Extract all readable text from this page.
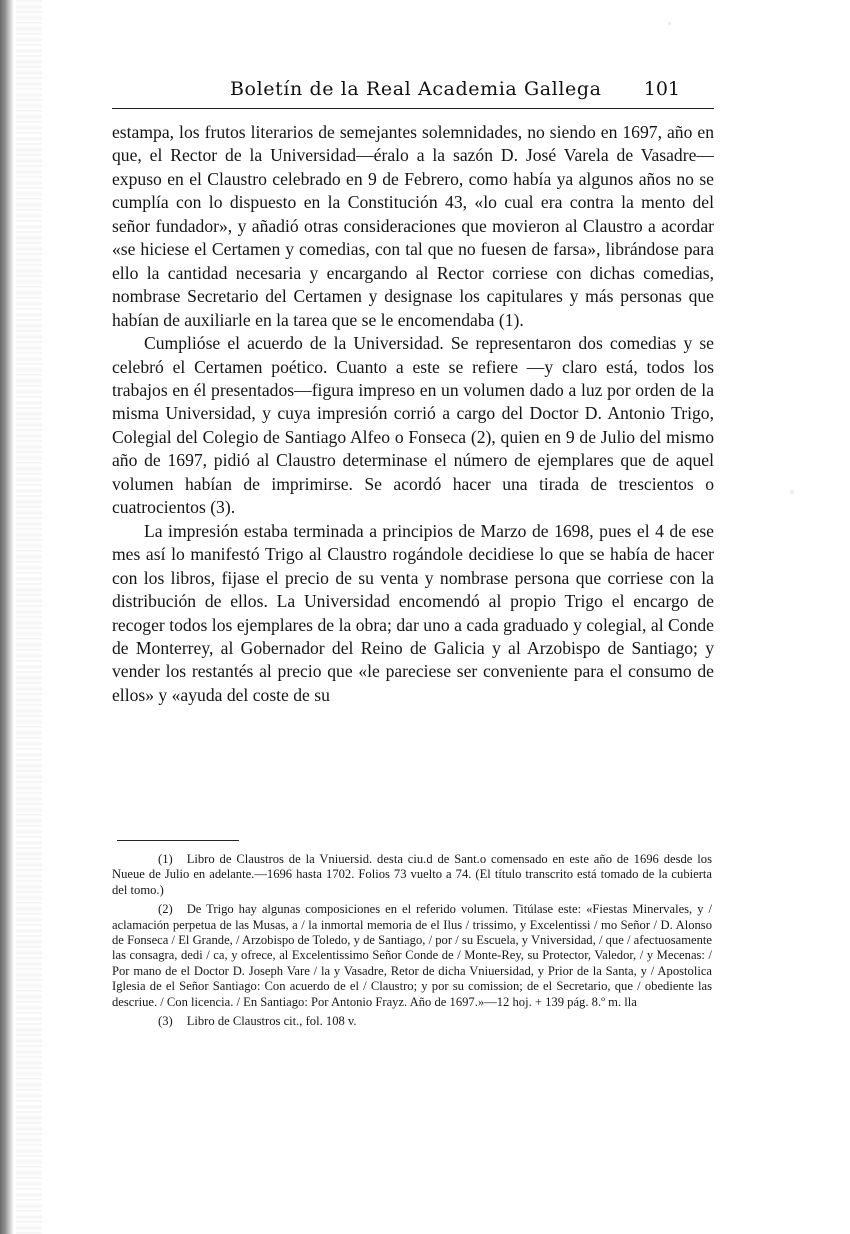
Boletín de la Real Academia Gallega 101

estampa, los frutos literarios de semejantes solemnidades, no siendo en 1697, año en que, el Rector de la Universidad—éralo a la sazón D. José Varela de Vasadre—expuso en el Claustro celebrado en 9 de Febrero, como había ya algunos años no se cumplía con lo dispuesto en la Constitución 43, «lo cual era contra la mento del señor fundador», y añadió otras consideraciones que movieron al Claustro a acordar «se hiciese el Certamen y comedias, con tal que no fuesen de farsa», librándose para ello la cantidad necesaria y encargando al Rector corriese con dichas comedias, nombrase Secretario del Certamen y designase los capitulares y más personas que habían de auxiliarle en la tarea que se le encomendaba (1).

Cumplióse el acuerdo de la Universidad. Se representaron dos comedias y se celebró el Certamen poético. Cuanto a este se refiere —y claro está, todos los trabajos en él presentados—figura impreso en un volumen dado a luz por orden de la misma Universidad, y cuya impresión corrió a cargo del Doctor D. Antonio Trigo, Colegial del Colegio de Santiago Alfeo o Fonseca (2), quien en 9 de Julio del mismo año de 1697, pidió al Claustro determinase el número de ejemplares que de aquel volumen habían de imprimirse. Se acordó hacer una tirada de trescientos o cuatrocientos (3).

La impresión estaba terminada a principios de Marzo de 1698, pues el 4 de ese mes así lo manifestó Trigo al Claustro rogándole decidiese lo que se había de hacer con los libros, fijase el precio de su venta y nombrase persona que corriese con la distribución de ellos. La Universidad encomendó al propio Trigo el encargo de recoger todos los ejemplares de la obra; dar uno a cada graduado y colegial, al Conde de Monterrey, al Gobernador del Reino de Galicia y al Arzobispo de Santiago; y vender los restantés al precio que «le pareciese ser conveniente para el consumo de ellos» y «ayuda del coste de su

(1) Libro de Claustros de la Vniuersid. desta ciu.d de Sant.o comensado en este año de 1696 desde los Nueue de Julio en adelante.—1696 hasta 1702. Folios 73 vuelto a 74. (El título transcrito está tomado de la cubierta del tomo.)

(2) De Trigo hay algunas composiciones en el referido volumen. Titúlase este: «Fiestas Minervales, y / aclamación perpetua de las Musas, a / la inmortal memoria de el Ilus / trissimo, y Excelentissi / mo Señor / D. Alonso de Fonseca / El Grande, / Arzobispo de Toledo, y de Santiago, / por / su Escuela, y Vniversidad, / que / afectuosamente las consagra, dedi / ca, y ofrece, al Excelentissimo Señor Conde de / Monte-Rey, su Protector, Valedor, / y Mecenas: / Por mano de el Doctor D. Joseph Vare / la y Vasadre, Retor de dicha Vniuersidad, y Prior de la Santa, y / Apostolica Iglesia de el Señor Santiago: Con acuerdo de el / Claustro; y por su comission; de el Secretario, que / obediente las descriue. / Con licencia. / En Santiago: Por Antonio Frayz. Año de 1697.»—12 hoj. + 139 pág. 8.º m. lla

(3) Libro de Claustros cit., fol. 108 v.
